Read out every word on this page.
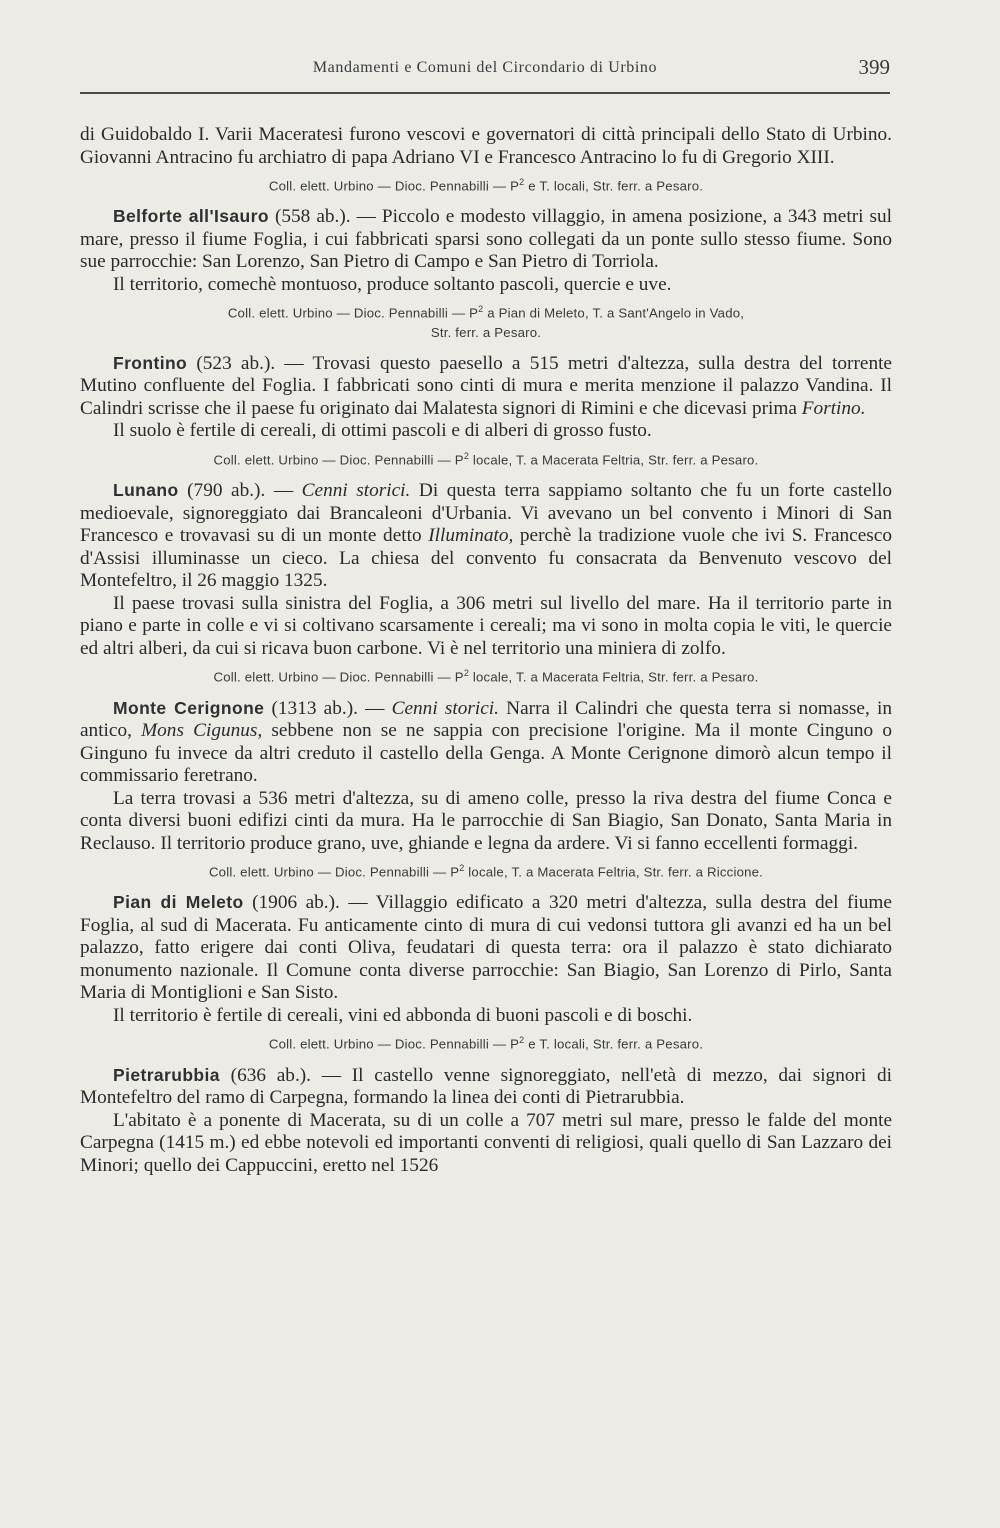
Mandamenti e Comuni del Circondario di Urbino	399

di Guidobaldo I. Varii Maceratesi furono vescovi e governatori di città principali dello Stato di Urbino. Giovanni Antracino fu archiatro di papa Adriano VI e Francesco Antracino lo fu di Gregorio XIII.

Coll. elett. Urbino — Dioc. Pennabilli — $P^2$ e T. locali, Str. ferr. a Pesaro.

Belforte all'Isauro (558 ab.). — Piccolo e modesto villaggio, in amena posizione, a 343 metri sul mare, presso il fiume Foglia, i cui fabbricati sparsi sono collegati da un ponte sullo stesso fiume. Sono sue parrocchie: San Lorenzo, San Pietro di Campo e San Pietro di Torriola.

Il territorio, comechè montuoso, produce soltanto pascoli, quercie e uve.

Coll. elett. Urbino — Dioc. Pennabilli — $P^2$ a Pian di Meleto, T. a Sant'Angelo in Vado,
Str. ferr. a Pesaro.

Frontino (523 ab.). — Trovasi questo paesello a 515 metri d'altezza, sulla destra del torrente Mutino confluente del Foglia. I fabbricati sono cinti di mura e merita menzione il palazzo Vandina. Il Calindri scrisse che il paese fu originato dai Malatesta signori di Rimini e che dicevasi prima Fortino.

Il suolo è fertile di cereali, di ottimi pascoli e di alberi di grosso fusto.

Coll. elett. Urbino — Dioc. Pennabilli — $P^2$ locale, T. a Macerata Feltria, Str. ferr. a Pesaro.

Lunano (790 ab.). — Cenni storici. Di questa terra sappiamo soltanto che fu un forte castello medioevale, signoreggiato dai Brancaleoni d'Urbania. Vi avevano un bel convento i Minori di San Francesco e trovavasi su di un monte detto Illuminato, perchè la tradizione vuole che ivi S. Francesco d'Assisi illuminasse un cieco. La chiesa del convento fu consacrata da Benvenuto vescovo del Montefeltro, il 26 maggio 1325.

Il paese trovasi sulla sinistra del Foglia, a 306 metri sul livello del mare. Ha il territorio parte in piano e parte in colle e vi si coltivano scarsamente i cereali; ma vi sono in molta copia le viti, le quercie ed altri alberi, da cui si ricava buon carbone. Vi è nel territorio una miniera di zolfo.

Coll. elett. Urbino — Dioc. Pennabilli — $P^2$ locale, T. a Macerata Feltria, Str. ferr. a Pesaro.

Monte Cerignone (1313 ab.). — Cenni storici. Narra il Calindri che questa terra si nomasse, in antico, Mons Cigunus, sebbene non se ne sappia con precisione l'origine. Ma il monte Cinguno o Ginguno fu invece da altri creduto il castello della Genga. A Monte Cerignone dimorò alcun tempo il commissario feretrano.

La terra trovasi a 536 metri d'altezza, su di ameno colle, presso la riva destra del fiume Conca e conta diversi buoni edifizi cinti da mura. Ha le parrocchie di San Biagio, San Donato, Santa Maria in Reclauso. Il territorio produce grano, uve, ghiande e legna da ardere. Vi si fanno eccellenti formaggi.

Coll. elett. Urbino — Dioc. Pennabilli — $P^2$ locale, T. a Macerata Feltria, Str. ferr. a Riccione.

Pian di Meleto (1906 ab.). — Villaggio edificato a 320 metri d'altezza, sulla destra del fiume Foglia, al sud di Macerata. Fu anticamente cinto di mura di cui vedonsi tuttora gli avanzi ed ha un bel palazzo, fatto erigere dai conti Oliva, feudatari di questa terra: ora il palazzo è stato dichiarato monumento nazionale. Il Comune conta diverse parrocchie: San Biagio, San Lorenzo di Pirlo, Santa Maria di Montiglioni e San Sisto.

Il territorio è fertile di cereali, vini ed abbonda di buoni pascoli e di boschi.

Coll. elett. Urbino — Dioc. Pennabilli — $P^2$ e T. locali, Str. ferr. a Pesaro.

Pietrarubbia (636 ab.). — Il castello venne signoreggiato, nell'età di mezzo, dai signori di Montefeltro del ramo di Carpegna, formando la linea dei conti di Pietrarubbia.

L'abitato è a ponente di Macerata, su di un colle a 707 metri sul mare, presso le falde del monte Carpegna (1415 m.) ed ebbe notevoli ed importanti conventi di religiosi, quali quello di San Lazzaro dei Minori; quello dei Cappuccini, eretto nel 1526
